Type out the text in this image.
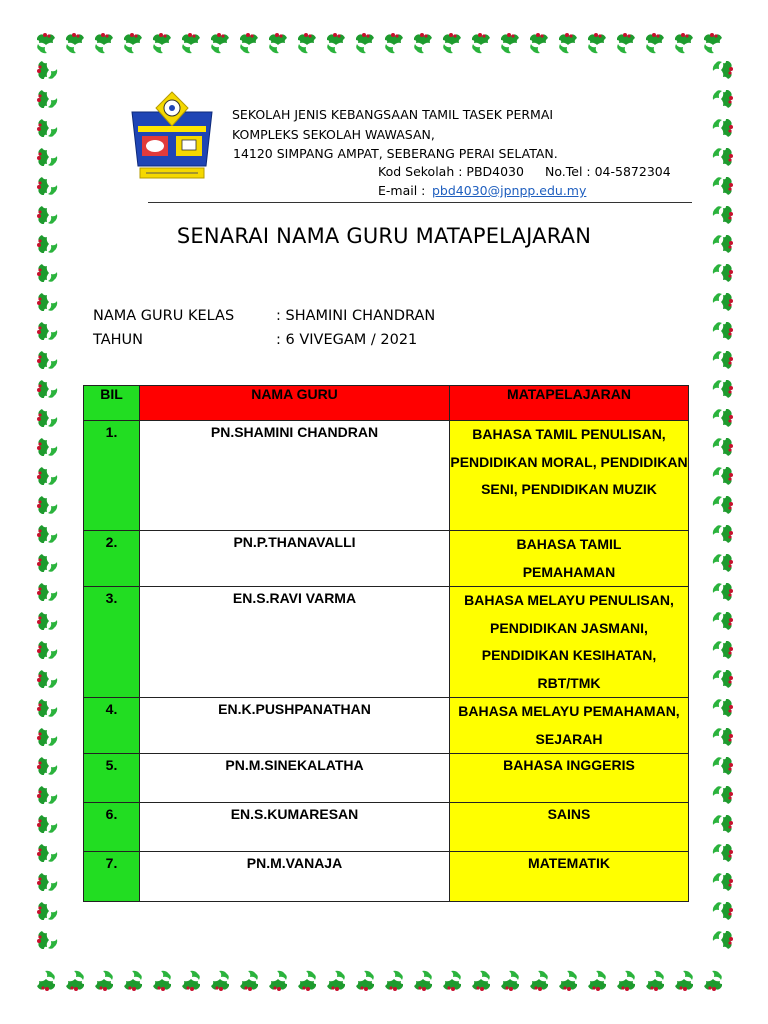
SEKOLAH JENIS KEBANGSAAN TAMIL TASEK PERMAI
KOMPLEKS SEKOLAH WAWASAN,
14120 SIMPANG AMPAT, SEBERANG PERAI SELATAN.
Kod Sekolah : PBD4030 No.Tel : 04-5872304
E-mail : pbd4030@jpnpp.edu.my
SENARAI NAMA GURU MATAPELAJARAN
NAMA GURU KELAS	: SHAMINI CHANDRAN
TAHUN	: 6 VIVEGAM / 2021
BIL	NAMA GURU	MATAPELAJARAN

1.	PN.SHAMINI CHANDRAN	BAHASA TAMIL PENULISAN, PENDIDIKAN MORAL, PENDIDIKAN SENI, PENDIDIKAN MUZIK

2.	PN.P.THANAVALLI	BAHASA TAMIL PEMAHAMAN

3.	EN.S.RAVI VARMA	BAHASA MELAYU PENULISAN, PENDIDIKAN JASMANI, PENDIDIKAN KESIHATAN, RBT/TMK

4.	EN.K.PUSHPANATHAN	BAHASA MELAYU PEMAHAMAN, SEJARAH

5.	PN.M.SINEKALATHA	BAHASA INGGERIS

6.	EN.S.KUMARESAN	SAINS

7.	PN.M.VANAJA	MATEMATIK
